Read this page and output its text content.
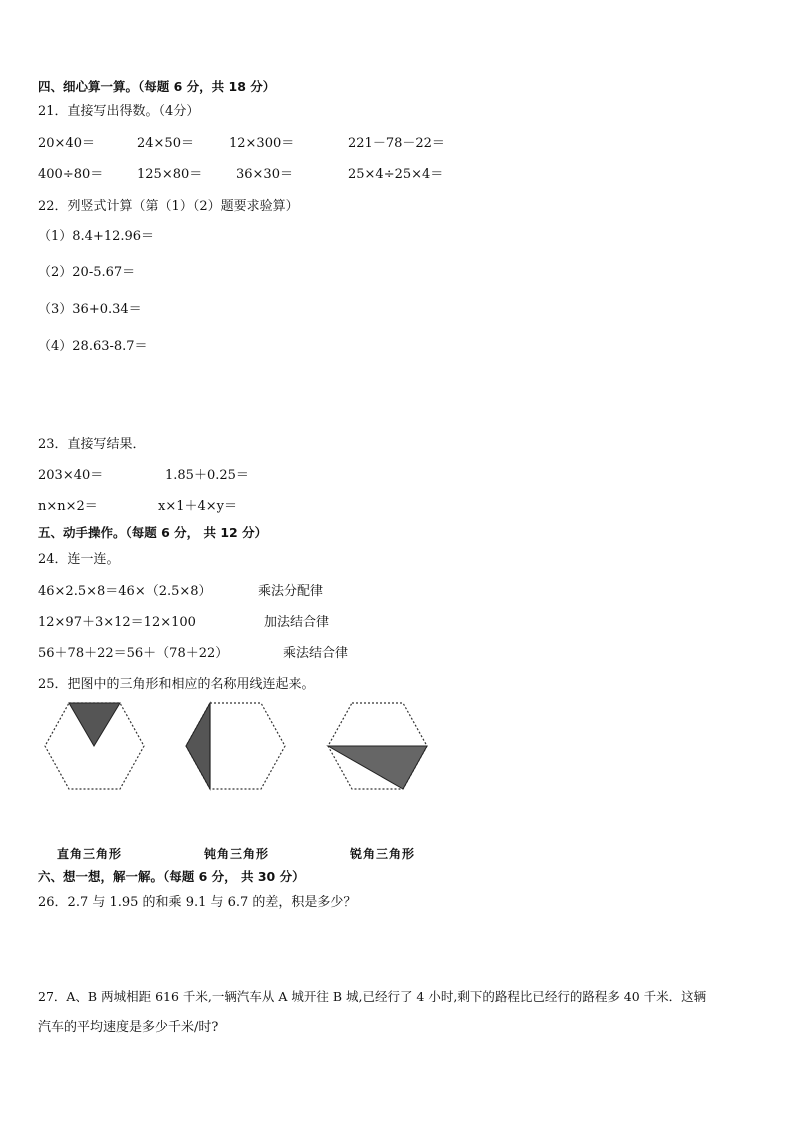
四、细心算一算。（每题 6 分，共 18 分）
21．直接写出得数。（4分）
20×40＝	24×50＝	12×300＝	221－78－22＝
400÷80＝	125×80＝	36×30＝	25×4÷25×4＝
22．列竖式计算（第（1）（2）题要求验算）
（1）8.4+12.96＝
（2）20-5.67＝
（3）36+0.34＝
（4）28.63-8.7＝
23．直接写结果．
203×40＝	1.85＋0.25＝
n×n×2＝	x×1＋4×y＝
五、动手操作。（每题 6 分， 共 12 分）
24．连一连。
46×2.5×8＝46×（2.5×8）	乘法分配律
12×97＋3×12＝12×100	加法结合律
56＋78＋22＝56＋（78＋22）	乘法结合律
25．把图中的三角形和相应的名称用线连起来。
直角三角形	钝角三角形	锐角三角形
六、想一想，解一解。（每题 6 分， 共 30 分）
26．2.7 与 1.95 的和乘 9.1 与 6.7 的差，积是多少？
27．A、B 两城相距 616 千米,一辆汽车从 A 城开往 B 城,已经行了 4 小时,剩下的路程比已经行的路程多 40 千米．这辆
汽车的平均速度是多少千米/时?
